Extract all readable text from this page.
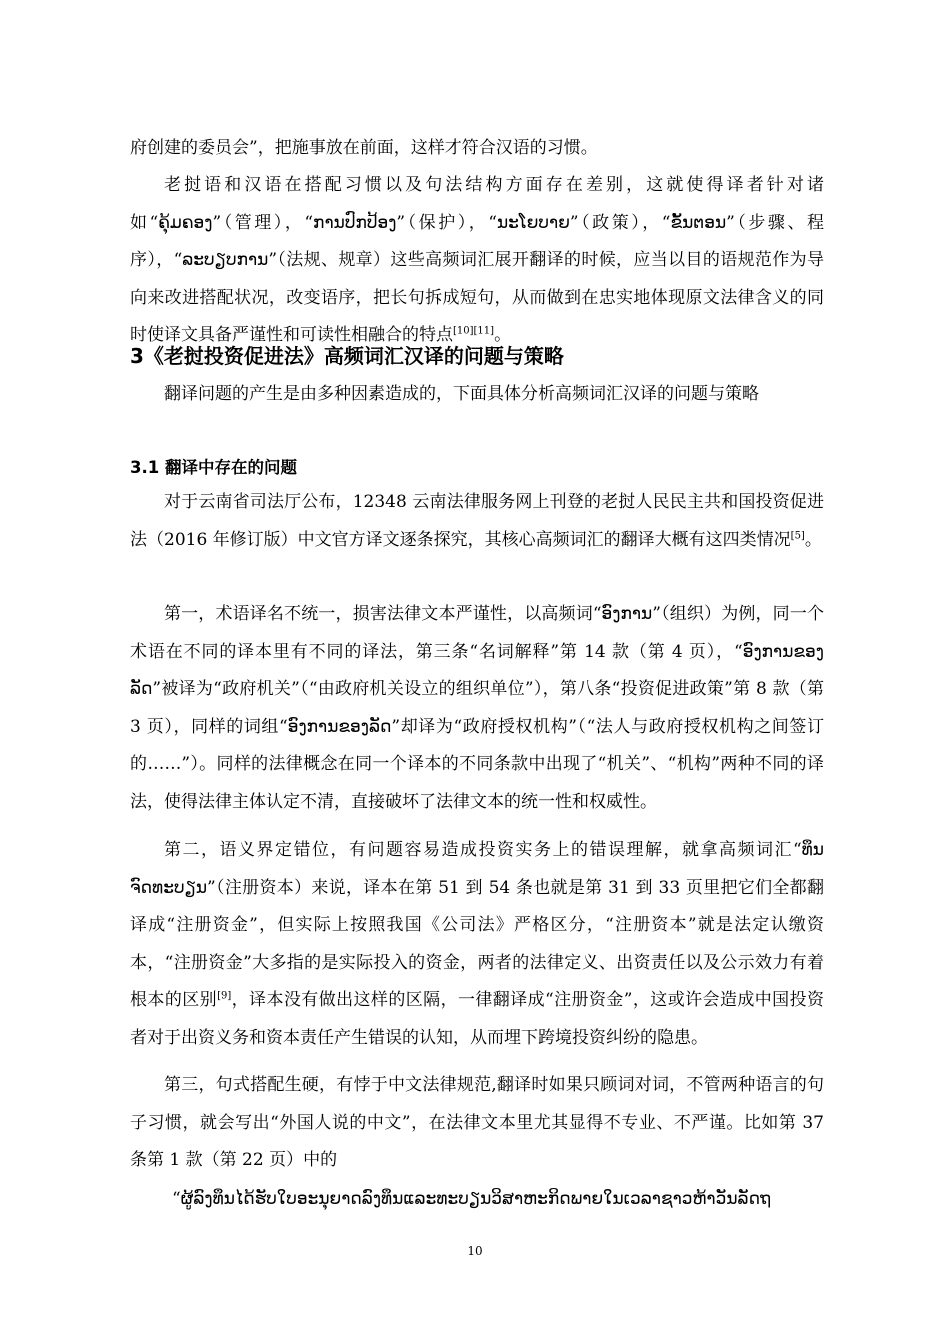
府创建的委员会”，把施事放在前面，这样才符合汉语的习惯。

老挝语和汉语在搭配习惯以及句法结构方面存在差别，这就使得译者针对诸如“ຄຸ້ມຄອງ”（管理），“ການປົກປ້ອງ”（保护），“ນະໂຍບາຍ”（政策），“ຂັ້ນຕອນ”（步骤、程序），“ລະບຽບການ”（法规、规章）这些高频词汇展开翻译的时候，应当以目的语规范作为导向来改进搭配状况，改变语序，把长句拆成短句，从而做到在忠实地体现原文法律含义的同时使译文具备严谨性和可读性相融合的特点[10][11]。

3《老挝投资促进法》高频词汇汉译的问题与策略

翻译问题的产生是由多种因素造成的，下面具体分析高频词汇汉译的问题与策略

3.1 翻译中存在的问题

对于云南省司法厅公布，12348 云南法律服务网上刊登的老挝人民民主共和国投资促进法（2016 年修订版）中文官方译文逐条探究，其核心高频词汇的翻译大概有这四类情况[5]。

第一，术语译名不统一，损害法律文本严谨性，以高频词“ອົງການ”（组织）为例，同一个术语在不同的译本里有不同的译法，第三条“名词解释”第 14 款（第 4 页），“ອົງການຂອງລັດ”被译为“政府机关”（“由政府机关设立的组织单位”），第八条“投资促进政策”第 8 款（第 3 页），同样的词组“ອົງການຂອງລັດ”却译为“政府授权机构”（“法人与政府授权机构之间签订的……”）。同样的法律概念在同一个译本的不同条款中出现了“机关”、“机构”两种不同的译法，使得法律主体认定不清，直接破坏了法律文本的统一性和权威性。

第二，语义界定错位，有问题容易造成投资实务上的错误理解，就拿高频词汇“ທຶນຈົດທະບຽນ”（注册资本）来说，译本在第 51 到 54 条也就是第 31 到 33 页里把它们全都翻译成“注册资金”，但实际上按照我国《公司法》严格区分，“注册资本”就是法定认缴资本，“注册资金”大多指的是实际投入的资金，两者的法律定义、出资责任以及公示效力有着根本的区别[9]，译本没有做出这样的区隔，一律翻译成“注册资金”，这或许会造成中国投资者对于出资义务和资本责任产生错误的认知，从而埋下跨境投资纠纷的隐患。

第三，句式搭配生硬，有悖于中文法律规范,翻译时如果只顾词对词，不管两种语言的句子习惯，就会写出“外国人说的中文”，在法律文本里尤其显得不专业、不严谨。比如第 37 条第 1 款（第 22 页）中的

“ຜູ້ລົງທຶນໄດ້ຮັບໃບອະນຸຍາດລົງທຶນແລະທະບຽນວິສາຫະກິດພາຍໃນເວລາຊາວຫ້າວັນລັດຖ

10
